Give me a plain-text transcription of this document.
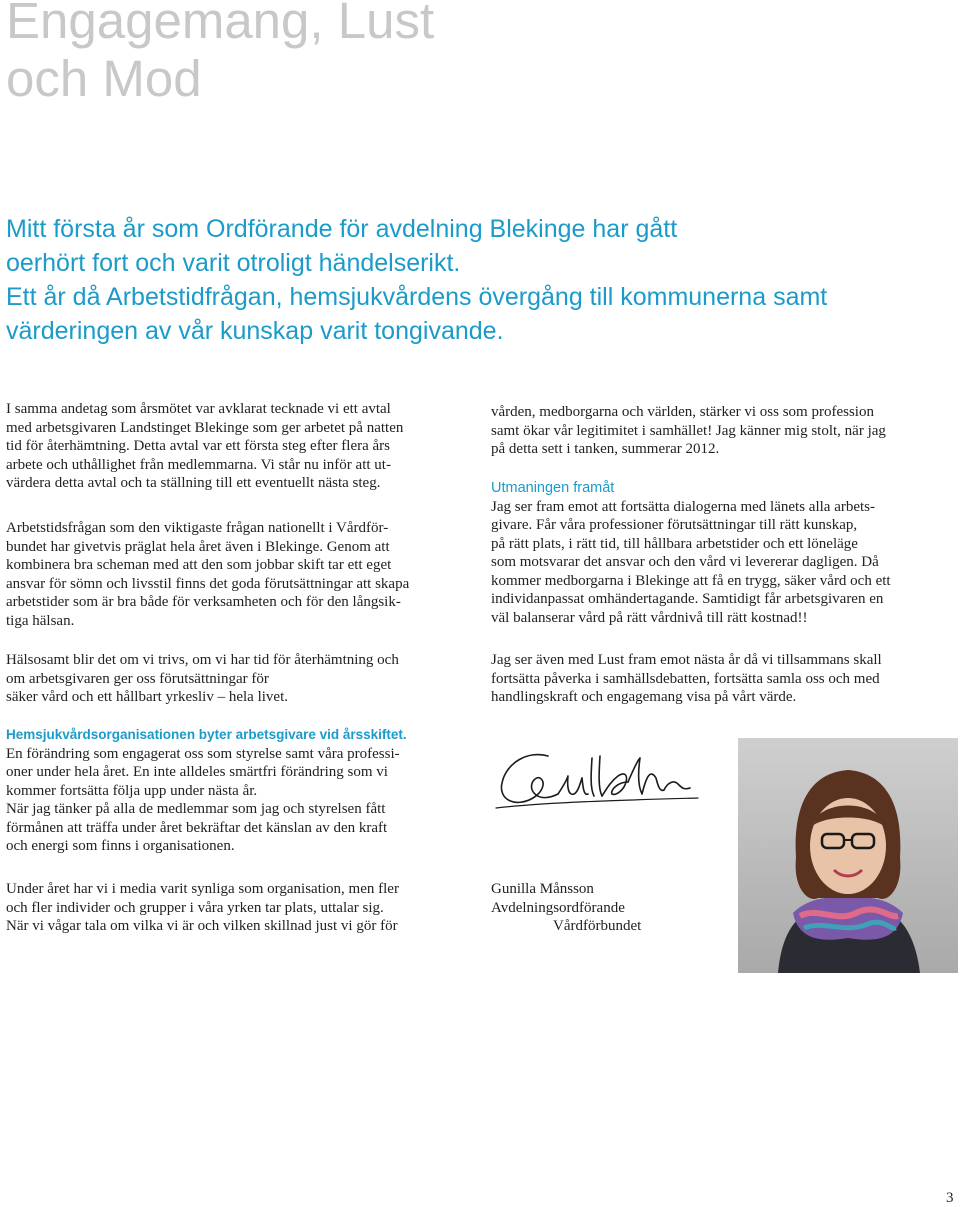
Engagemang, Lust
och Mod
Mitt första år som Ordförande för avdelning Blekinge har gått
oerhört fort och varit otroligt händelserikt.
Ett år då Arbetstidfrågan, hemsjukvårdens övergång till kommunerna samt
värderingen av vår kunskap varit tongivande.
I samma andetag som årsmötet var avklarat tecknade vi ett avtal
med arbetsgivaren Landstinget Blekinge som ger arbetet på natten
tid för återhämtning. Detta avtal var ett första steg efter flera års
arbete och uthållighet från medlemmarna. Vi står nu inför att ut-
värdera detta avtal och ta ställning till ett eventuellt nästa steg.
Arbetstidsfrågan som den viktigaste frågan nationellt i Vårdför-
bundet har givetvis präglat hela året även i Blekinge. Genom att
kombinera bra scheman med att den som jobbar skift tar ett eget
ansvar för sömn och livsstil finns det goda förutsättningar att skapa
arbetstider som är bra både för verksamheten och för den långsik-
tiga hälsan.
Hälsosamt blir det om vi trivs, om vi har tid för återhämtning och
om arbetsgivaren ger oss förutsättningar för
säker vård och ett hållbart yrkesliv – hela livet.
Hemsjukvårdsorganisationen byter arbetsgivare vid årsskiftet.
En förändring som engagerat oss som styrelse samt våra professi-
oner under hela året. En inte alldeles smärtfri förändring som vi
kommer fortsätta följa upp under nästa år.
När jag tänker på alla de medlemmar som jag och styrelsen fått
förmånen att träffa under året bekräftar det känslan av den kraft
och energi som finns i organisationen.
Under året har vi i media varit synliga som organisation, men fler
och fler individer och grupper i våra yrken tar plats, uttalar sig.
När vi vågar tala om vilka vi är och vilken skillnad just vi gör för
vården, medborgarna och världen, stärker vi oss som profession
samt ökar vår legitimitet i samhället! Jag känner mig stolt, när jag
på detta sett i tanken, summerar 2012.
Utmaningen framåt
Jag ser fram emot att fortsätta dialogerna med länets alla arbets-
givare. Får våra professioner förutsättningar till rätt kunskap,
på rätt plats, i rätt tid, till hållbara arbetstider och ett löneläge
som motsvarar det ansvar och den vård vi levererar dagligen. Då
kommer medborgarna i Blekinge att få en trygg, säker vård och ett
individanpassat omhändertagande. Samtidigt får arbetsgivaren en
väl balanserar vård på rätt vårdnivå till rätt kostnad!!
Jag ser även med Lust fram emot nästa år då vi tillsammans skall
fortsätta påverka i samhällsdebatten, fortsätta samla oss och med
handlingskraft och engagemang visa på vårt värde.
Gunilla Månsson
Avdelningsordförande
Vårdförbundet
3
